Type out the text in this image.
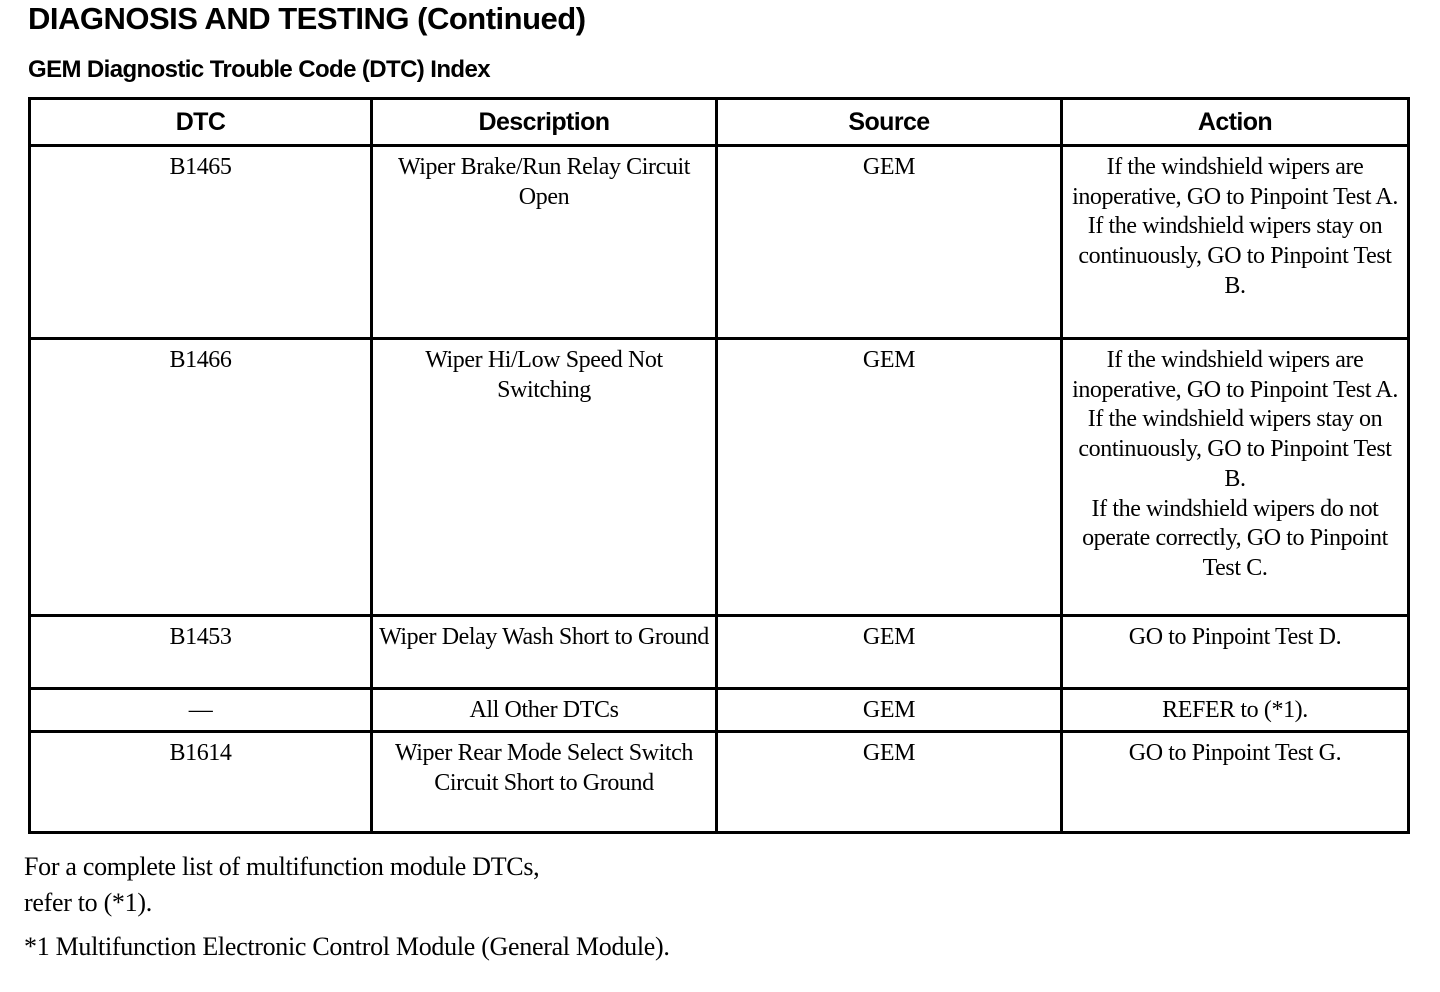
DIAGNOSIS AND TESTING (Continued)
GEM Diagnostic Trouble Code (DTC) Index
DTC	Description	Source	Action
B1465	Wiper Brake/Run Relay Circuit Open	GEM	If the windshield wipers are inoperative, GO to Pinpoint Test A.

If the windshield wipers stay on continuously, GO to Pinpoint Test B.

B1466	Wiper Hi/Low Speed Not Switching	GEM	If the windshield wipers are inoperative, GO to Pinpoint Test A.

If the windshield wipers stay on continuously, GO to Pinpoint Test B.

If the windshield wipers do not operate correctly, GO to Pinpoint Test C.

B1453	Wiper Delay Wash Short to Ground	GEM	GO to Pinpoint Test D.

—	All Other DTCs	GEM	REFER to (*1).

B1614	Wiper Rear Mode Select Switch Circuit Short to Ground	GEM	GO to Pinpoint Test G.

For a complete list of multifunction module DTCs,
refer to (*1).
*1 Multifunction Electronic Control Module (General Module).
